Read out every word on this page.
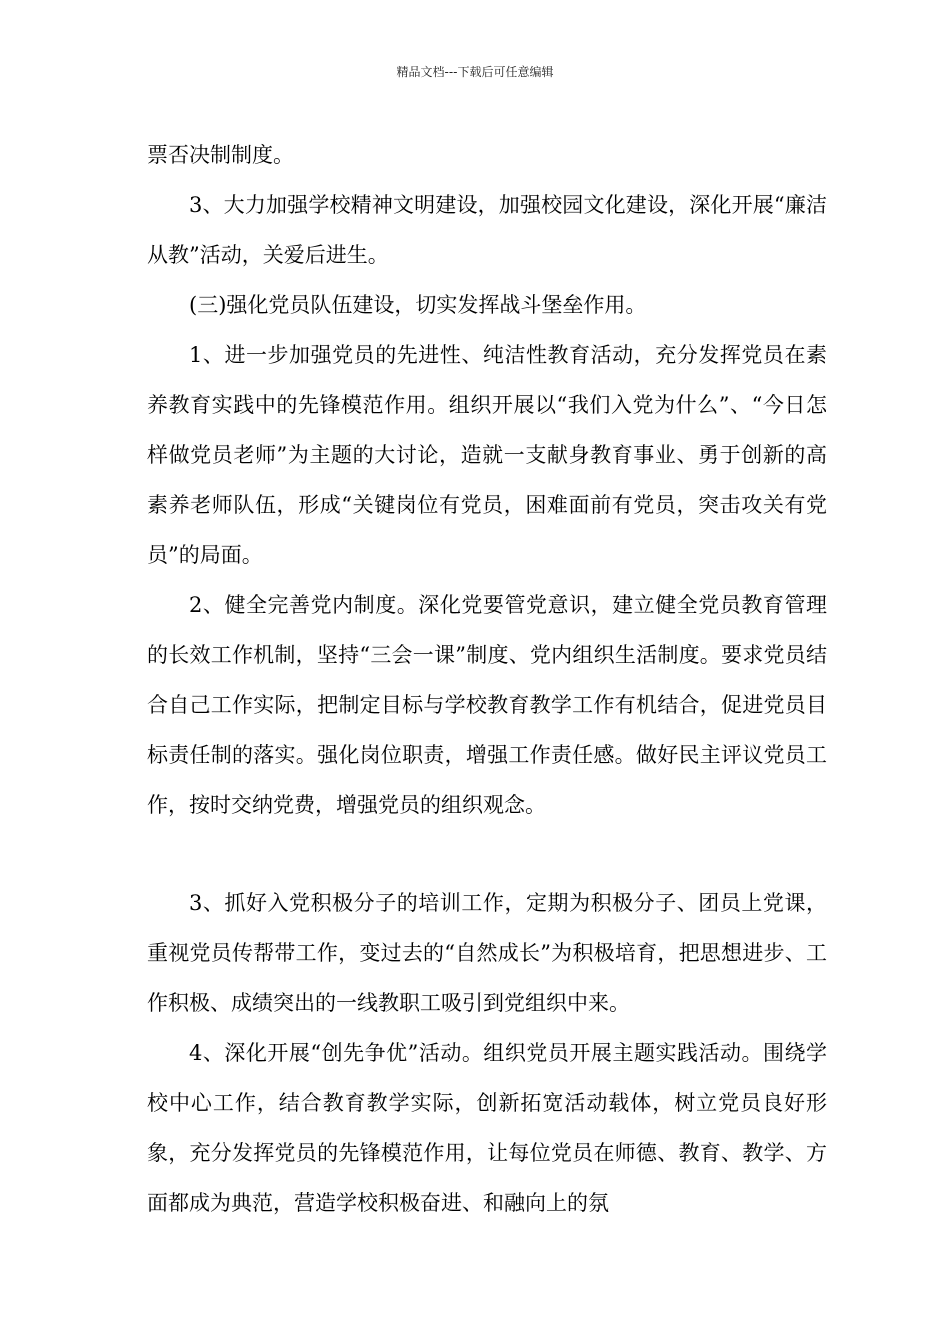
精品文档---下载后可任意编辑

票否决制制度。

3、大力加强学校精神文明建设，加强校园文化建设，深化开展“廉洁从教”活动，关爱后进生。

(三)强化党员队伍建设，切实发挥战斗堡垒作用。

1、进一步加强党员的先进性、纯洁性教育活动，充分发挥党员在素养教育实践中的先锋模范作用。组织开展以“我们入党为什么”、“今日怎样做党员老师”为主题的大讨论，造就一支献身教育事业、勇于创新的高素养老师队伍，形成“关键岗位有党员，困难面前有党员，突击攻关有党员”的局面。

2、健全完善党内制度。深化党要管党意识，建立健全党员教育管理的长效工作机制，坚持“三会一课”制度、党内组织生活制度。要求党员结合自己工作实际，把制定目标与学校教育教学工作有机结合，促进党员目标责任制的落实。强化岗位职责，增强工作责任感。做好民主评议党员工作，按时交纳党费，增强党员的组织观念。

3、抓好入党积极分子的培训工作，定期为积极分子、团员上党课，重视党员传帮带工作，变过去的“自然成长”为积极培育，把思想进步、工作积极、成绩突出的一线教职工吸引到党组织中来。

4、深化开展“创先争优”活动。组织党员开展主题实践活动。围绕学校中心工作，结合教育教学实际，创新拓宽活动载体，树立党员良好形象，充分发挥党员的先锋模范作用，让每位党员在师德、教育、教学、方面都成为典范，营造学校积极奋进、和融向上的氛
